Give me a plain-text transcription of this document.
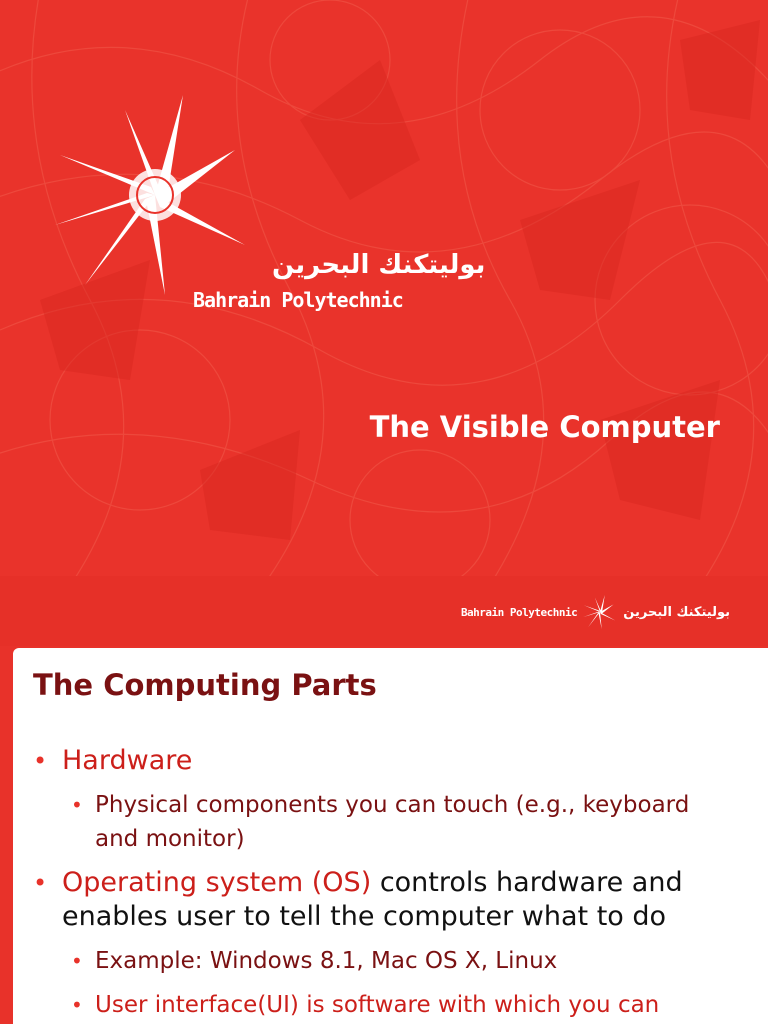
بوليتكنك البحرين
Bahrain Polytechnic
The Visible Computer
Bahrain Polytechnic	بوليتكنك البحرين
The Computing Parts
• Hardware
• Physical components you can touch (e.g., keyboard and monitor)
• Operating system (OS) controls hardware and enables user to tell the computer what to do
• Example: Windows 8.1, Mac OS X, Linux
• User interface(UI) is software with which you can
